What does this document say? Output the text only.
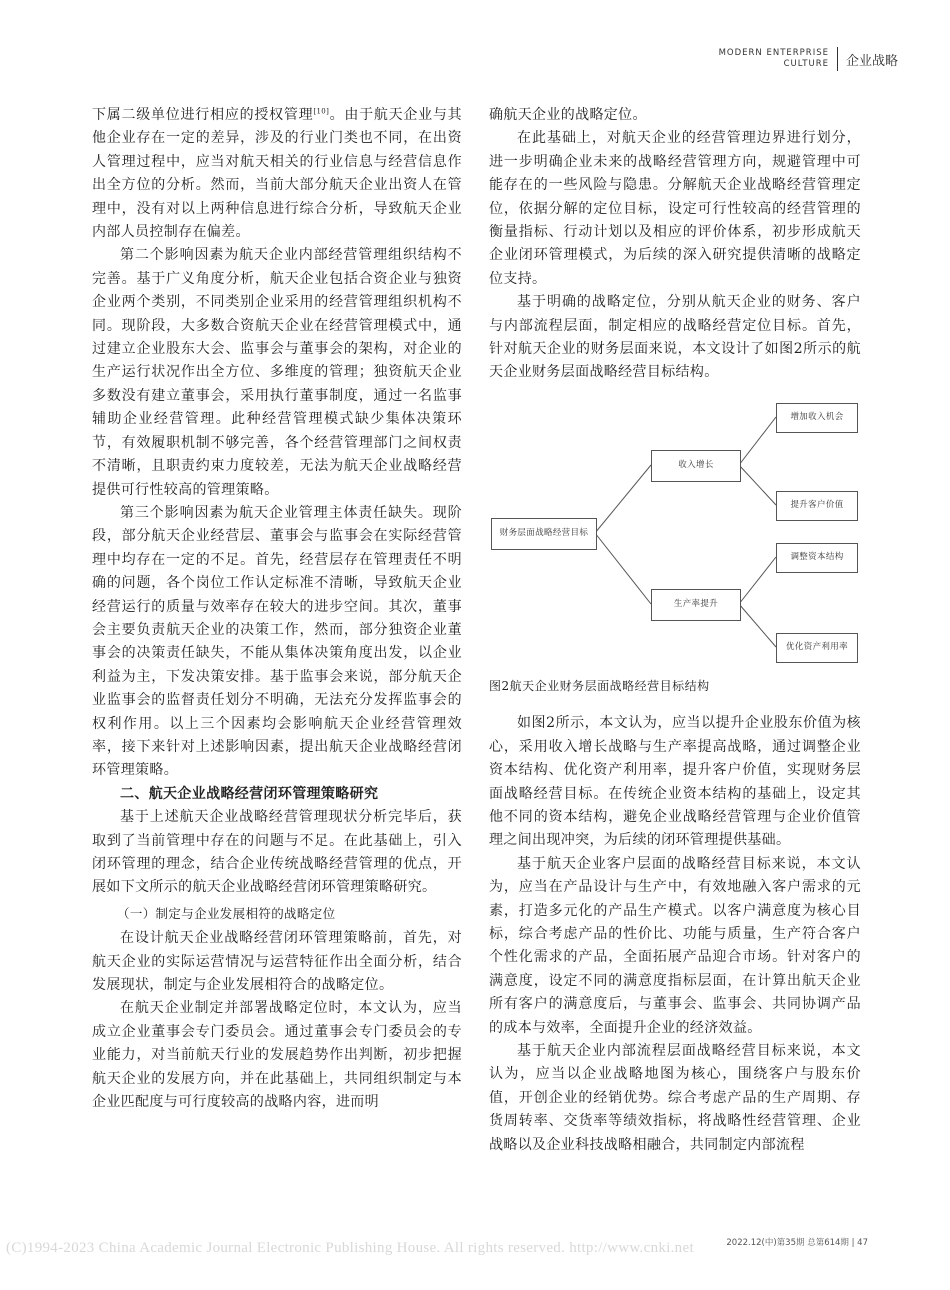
MODERN ENTERPRISE
CULTURE 企业战略

下属二级单位进行相应的授权管理[10]。由于航天企业与其他企业存在一定的差异，涉及的行业门类也不同，在出资人管理过程中，应当对航天相关的行业信息与经营信息作出全方位的分析。然而，当前大部分航天企业出资人在管理中，没有对以上两种信息进行综合分析，导致航天企业内部人员控制存在偏差。

第二个影响因素为航天企业内部经营管理组织结构不完善。基于广义角度分析，航天企业包括合资企业与独资企业两个类别，不同类别企业采用的经营管理组织机构不同。现阶段，大多数合资航天企业在经营管理模式中，通过建立企业股东大会、监事会与董事会的架构，对企业的生产运行状况作出全方位、多维度的管理；独资航天企业多数没有建立董事会，采用执行董事制度，通过一名监事辅助企业经营管理。此种经营管理模式缺少集体决策环节，有效履职机制不够完善，各个经营管理部门之间权责不清晰，且职责约束力度较差，无法为航天企业战略经营提供可行性较高的管理策略。

第三个影响因素为航天企业管理主体责任缺失。现阶段，部分航天企业经营层、董事会与监事会在实际经营管理中均存在一定的不足。首先，经营层存在管理责任不明确的问题，各个岗位工作认定标准不清晰，导致航天企业经营运行的质量与效率存在较大的进步空间。其次，董事会主要负责航天企业的决策工作，然而，部分独资企业董事会的决策责任缺失，不能从集体决策角度出发，以企业利益为主，下发决策安排。基于监事会来说，部分航天企业监事会的监督责任划分不明确，无法充分发挥监事会的权利作用。以上三个因素均会影响航天企业经营管理效率，接下来针对上述影响因素，提出航天企业战略经营闭环管理策略。

二、航天企业战略经营闭环管理策略研究

基于上述航天企业战略经营管理现状分析完毕后，获取到了当前管理中存在的问题与不足。在此基础上，引入闭环管理的理念，结合企业传统战略经营管理的优点，开展如下文所示的航天企业战略经营闭环管理策略研究。

（一）制定与企业发展相符的战略定位

在设计航天企业战略经营闭环管理策略前，首先，对航天企业的实际运营情况与运营特征作出全面分析，结合发展现状，制定与企业发展相符合的战略定位。

在航天企业制定并部署战略定位时，本文认为，应当成立企业董事会专门委员会。通过董事会专门委员会的专业能力，对当前航天行业的发展趋势作出判断，初步把握航天企业的发展方向，并在此基础上，共同组织制定与本企业匹配度与可行度较高的战略内容，进而明

确航天企业的战略定位。

在此基础上，对航天企业的经营管理边界进行划分，进一步明确企业未来的战略经营管理方向，规避管理中可能存在的一些风险与隐患。分解航天企业战略经营管理定位，依据分解的定位目标，设定可行性较高的经营管理的衡量指标、行动计划以及相应的评价体系，初步形成航天企业闭环管理模式，为后续的深入研究提供清晰的战略定位支持。

基于明确的战略定位，分别从航天企业的财务、客户与内部流程层面，制定相应的战略经营定位目标。首先，针对航天企业的财务层面来说，本文设计了如图2所示的航天企业财务层面战略经营目标结构。

财务层面战略经营目标
收入增长
生产率提升
增加收入机会
提升客户价值
调整资本结构
优化资产利用率

图2航天企业财务层面战略经营目标结构

如图2所示，本文认为，应当以提升企业股东价值为核心，采用收入增长战略与生产率提高战略，通过调整企业资本结构、优化资产利用率，提升客户价值，实现财务层面战略经营目标。在传统企业资本结构的基础上，设定其他不同的资本结构，避免企业战略经营管理与企业价值管理之间出现冲突，为后续的闭环管理提供基础。

基于航天企业客户层面的战略经营目标来说，本文认为，应当在产品设计与生产中，有效地融入客户需求的元素，打造多元化的产品生产模式。以客户满意度为核心目标，综合考虑产品的性价比、功能与质量，生产符合客户个性化需求的产品，全面拓展产品迎合市场。针对客户的满意度，设定不同的满意度指标层面，在计算出航天企业所有客户的满意度后，与董事会、监事会、共同协调产品的成本与效率，全面提升企业的经济效益。

基于航天企业内部流程层面战略经营目标来说，本文认为，应当以企业战略地图为核心，围绕客户与股东价值，开创企业的经销优势。综合考虑产品的生产周期、存货周转率、交货率等绩效指标，将战略性经营管理、企业战略以及企业科技战略相融合，共同制定内部流程

(C)1994-2023 China Academic Journal Electronic Publishing House. All rights reserved. http://www.cnki.net	2022.12(中)第35期 总第614期 | 47
